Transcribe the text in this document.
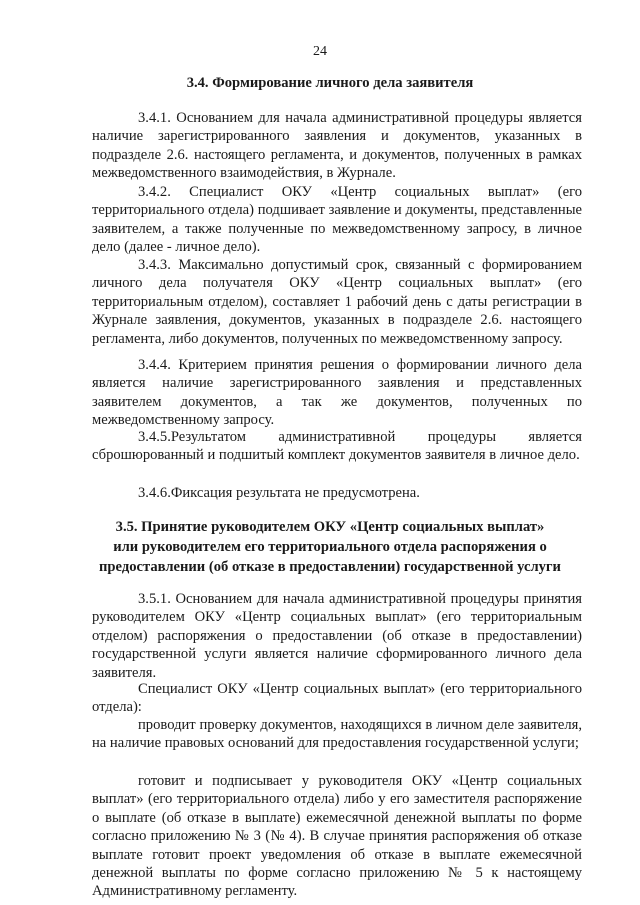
24
3.4. Формирование личного дела заявителя
3.4.1. Основанием для начала административной процедуры является наличие зарегистрированного заявления и документов, указанных в подразделе 2.6. настоящего регламента, и документов, полученных в рамках межведомственного взаимодействия, в Журнале.
3.4.2. Специалист ОКУ «Центр социальных выплат» (его территориального отдела) подшивает заявление и документы, представленные заявителем, а также полученные по межведомственному запросу, в личное дело (далее - личное дело).
3.4.3. Максимально допустимый срок, связанный с формированием личного дела получателя ОКУ «Центр социальных выплат» (его территориальным отделом), составляет 1 рабочий день с даты регистрации в Журнале заявления, документов, указанных в подразделе 2.6. настоящего регламента, либо документов, полученных по межведомственному запросу.
3.4.4. Критерием принятия решения о формировании личного дела является наличие зарегистрированного заявления и представленных заявителем документов, а так же документов, полученных по межведомственному запросу.
3.4.5.Результатом административной процедуры является сброшюрованный и подшитый комплект документов заявителя в личное дело.
3.4.6.Фиксация результата не предусмотрена.
3.5. Принятие руководителем ОКУ «Центр социальных выплат»
или руководителем его территориального отдела распоряжения о
предоставлении (об отказе в предоставлении) государственной услуги
3.5.1. Основанием для начала административной процедуры принятия руководителем ОКУ «Центр социальных выплат» (его территориальным отделом) распоряжения о предоставлении (об отказе в предоставлении) государственной услуги является наличие сформированного личного дела заявителя.
Специалист ОКУ «Центр социальных выплат» (его территориального отдела):
проводит проверку документов, находящихся в личном деле заявителя, на наличие правовых оснований для предоставления государственной услуги;
готовит и подписывает у руководителя ОКУ «Центр социальных выплат» (его территориального отдела) либо у его заместителя распоряжение о выплате (об отказе в выплате) ежемесячной денежной выплаты по форме согласно приложению № 3 (№ 4). В случае принятия распоряжения об отказе выплате готовит проект уведомления об отказе в выплате ежемесячной денежной выплаты по форме согласно приложению № 5 к настоящему Административному регламенту.
